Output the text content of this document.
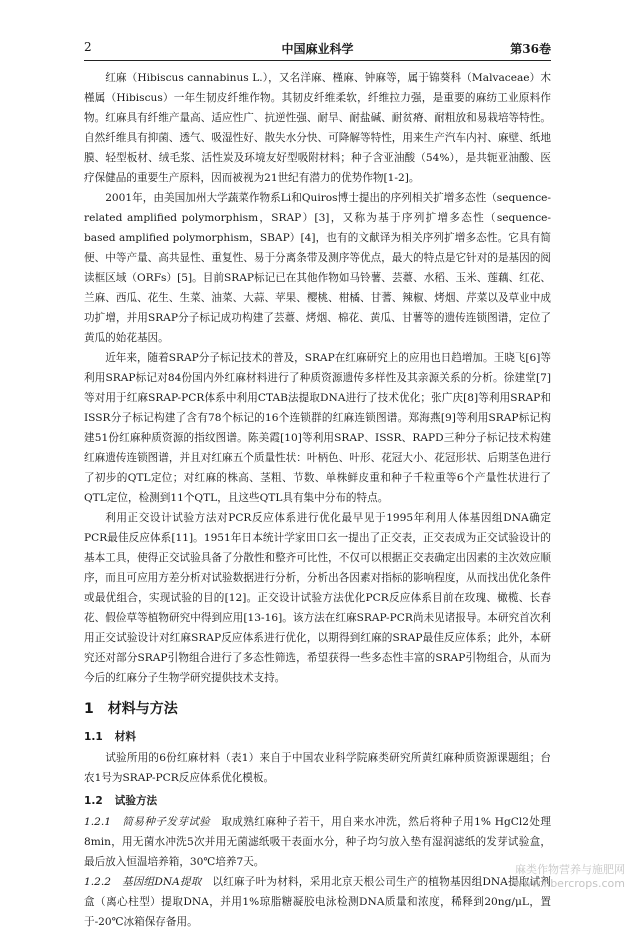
2	中国麻业科学	第36卷

红麻（Hibiscus cannabinus L.），又名洋麻、槿麻、钟麻等，属于锦葵科（Malvaceae）木槿属（Hibiscus）一年生韧皮纤维作物。其韧皮纤维柔软，纤维拉力强，是重要的麻纺工业原料作物。红麻具有纤维产量高、适应性广、抗逆性强、耐旱、耐盐碱、耐贫瘠、耐粗放和易栽培等特性。自然纤维具有抑菌、透气、吸湿性好、散失水分快、可降解等特性，用来生产汽车内衬、麻壁、纸地膜、轻型板材、绒毛浆、活性炭及环境友好型吸附材料；种子含亚油酸（54%），是共轭亚油酸、医疗保健品的重要生产原料，因而被视为21世纪有潜力的优势作物[1-2]。

2001年，由美国加州大学蔬菜作物系Li和Quiros博士提出的序列相关扩增多态性（sequence-related amplified polymorphism，SRAP）[3]，又称为基于序列扩增多态性（sequence-based amplified polymorphism，SBAP）[4]，也有的文献译为相关序列扩增多态性。它具有简便、中等产量、高共显性、重复性、易于分离条带及测序等优点，最大的特点是它针对的是基因的阅读框区域（ORFs）[5]。目前SRAP标记已在其他作物如马铃薯、芸薹、水稻、玉米、莲藕、红花、兰麻、西瓜、花生、生菜、油菜、大蒜、苹果、樱桃、柑橘、甘蓍、辣椒、烤烟、芹菜以及草业中成功扩增，并用SRAP分子标记成功构建了芸薹、烤烟、棉花、黄瓜、甘薯等的遗传连锁图谱，定位了黄瓜的始花基因。

近年来，随着SRAP分子标记技术的普及，SRAP在红麻研究上的应用也日趋增加。王晓飞[6]等利用SRAP标记对84份国内外红麻材料进行了种质资源遗传多样性及其亲源关系的分析。徐建堂[7]等对用于红麻SRAP-PCR体系中利用CTAB法提取DNA进行了技术优化；张广庆[8]等利用SRAP和ISSR分子标记构建了含有78个标记的16个连锁群的红麻连锁图谱。郑海燕[9]等利用SRAP标记构建51份红麻种质资源的指纹图谱。陈美霞[10]等利用SRAP、ISSR、RAPD三种分子标记技术构建红麻遗传连锁图谱，并且对红麻五个质量性状：叶柄色、叶形、花冠大小、花冠形状、后期茎色进行了初步的QTL定位；对红麻的株高、茎粗、节数、单株鲜皮重和种子千粒重等6个产量性状进行了QTL定位，检测到11个QTL，且这些QTL具有集中分布的特点。

利用正交设计试验方法对PCR反应体系进行优化最早见于1995年利用人体基因组DNA确定PCR最佳反应体系[11]。1951年日本统计学家田口玄一提出了正交表，正交表成为正交试验设计的基本工具，使得正交试验具备了分散性和整齐可比性，不仅可以根据正交表确定出因素的主次效应顺序，而且可应用方差分析对试验数据进行分析，分析出各因素对指标的影响程度，从而找出优化条件或最优组合，实现试验的目的[12]。正交设计试验方法优化PCR反应体系目前在玫瑰、橄榄、长春花、假俭草等植物研究中得到应用[13-16]。该方法在红麻SRAP-PCR尚未见诸报导。本研究首次利用正交试验设计对红麻SRAP反应体系进行优化，以期得到红麻的SRAP最佳反应体系；此外，本研究还对部分SRAP引物组合进行了多态性筛选，希望获得一些多态性丰富的SRAP引物组合，从而为今后的红麻分子生物学研究提供技术支持。

1 材料与方法
1.1 材料

试验所用的6份红麻材料（表1）来自于中国农业科学院麻类研究所黄红麻种质资源课题组；台农1号为SRAP-PCR反应体系优化模板。

1.2 试验方法

1.2.1　简易种子发芽试验　 取成熟红麻种子若干，用自来水冲洗，然后将种子用1% HgCl2处理8min，用无菌水冲洗5次并用无菌滤纸吸干表面水分，种子均匀放入垫有湿润滤纸的发芽试验盒，最后放入恒温培养箱，30℃培养7天。

1.2.2　基因组DNA提取　 以红麻子叶为材料，采用北京天根公司生产的植物基因组DNA提取试剂盒（离心柱型）提取DNA，并用1%琼脂糖凝胶电泳检测DNA质量和浓度，稀释到20ng/μL，置于-20℃冰箱保存备用。

麻类作物营养与施肥网
www.fibercrops.com
